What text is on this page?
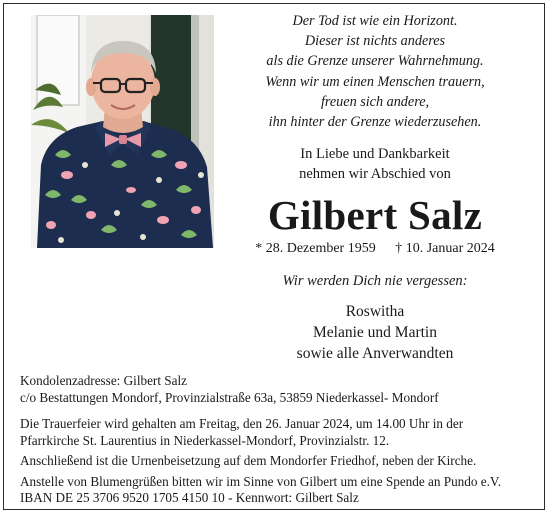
Der Tod ist wie ein Horizont.
Dieser ist nichts anderes
als die Grenze unserer Wahrnehmung.
Wenn wir um einen Menschen trauern,
freuen sich andere,
ihn hinter der Grenze wiederzusehen.
In Liebe und Dankbarkeit
nehmen wir Abschied von
Gilbert Salz
* 28. Dezember 1959 † 10. Januar 2024
Wir werden Dich nie vergessen:
Roswitha
Melanie und Martin
sowie alle Anverwandten
Kondolenzadresse: Gilbert Salz
c/o Bestattungen Mondorf, Provinzialstraße 63a, 53859 Niederkassel- Mondorf
Die Trauerfeier wird gehalten am Freitag, den 26. Januar 2024, um 14.00 Uhr in der
Pfarrkirche St. Laurentius in Niederkassel-Mondorf, Provinzialstr. 12.
Anschließend ist die Urnenbeisetzung auf dem Mondorfer Friedhof, neben der Kirche.
Anstelle von Blumengrüßen bitten wir im Sinne von Gilbert um eine Spende an Pundo e.V.
IBAN DE 25 3706 9520 1705 4150 10 - Kennwort: Gilbert Salz
